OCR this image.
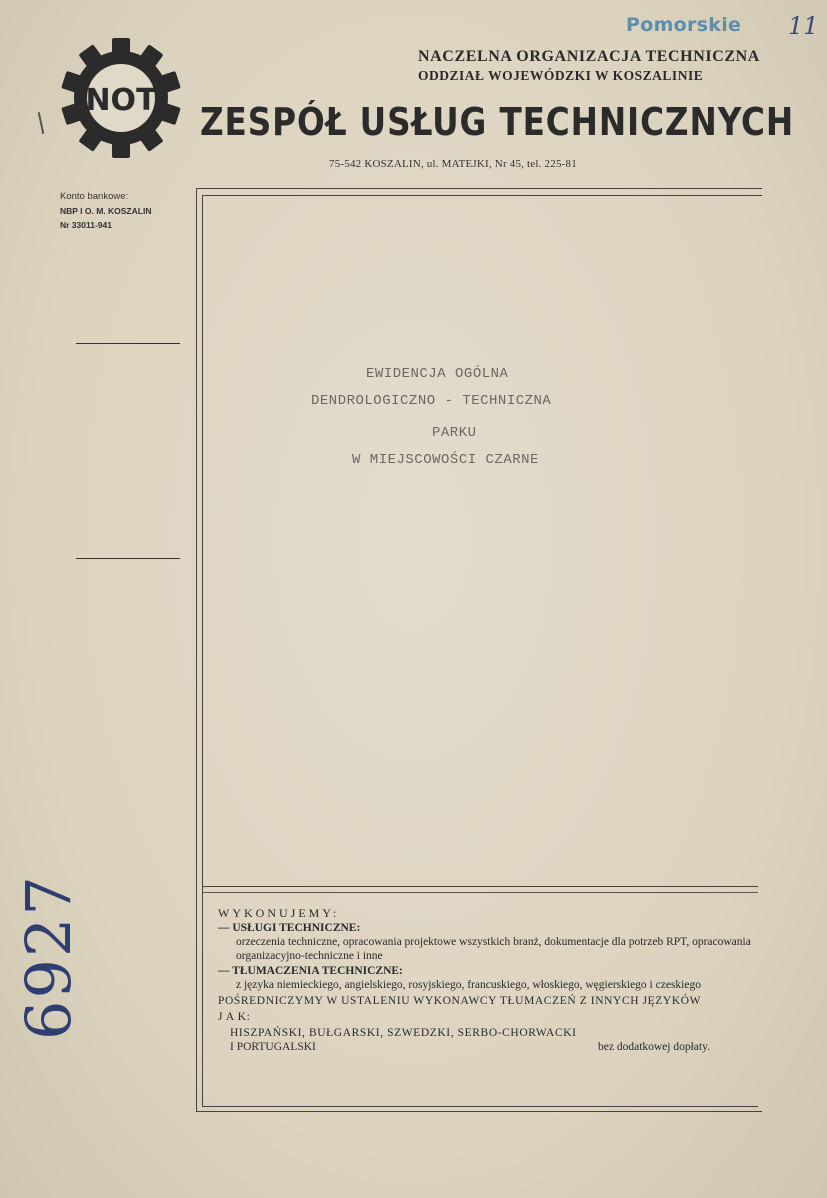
Pomorskie 11
NOT
NACZELNA ORGANIZACJA TECHNICZNA
ODDZIAŁ WOJEWÓDZKI W KOSZALINIE
ZESPÓŁ USŁUG TECHNICZNYCH
75-542 KOSZALIN, ul. MATEJKI, Nr 45, tel. 225-81
Konto bankowe:
NBP I O. M. KOSZALIN
Nr 33011-941
EWIDENCJA OGÓLNA
DENDROLOGICZNO - TECHNICZNA
PARKU
W MIEJSCOWOŚCI CZARNE
WYKONUJEMY:
— USŁUGI TECHNICZNE:
orzeczenia techniczne, opracowania projektowe wszystkich branż, dokumentacje dla potrzeb RPT, opracowania organizacyjno-techniczne i inne
— TŁUMACZENIA TECHNICZNE:
z języka niemieckiego, angielskiego, rosyjskiego, francuskiego, włoskiego, węgierskiego i czeskiego
POŚREDNICZYMY W USTALENIU WYKONAWCY TŁUMACZEŃ Z INNYCH JĘZYKÓW
J A K:
HISZPAŃSKI, BUŁGARSKI, SZWEDZKI, SERBO-CHORWACKI
I PORTUGALSKI	bez dodatkowej dopłaty.
6927
